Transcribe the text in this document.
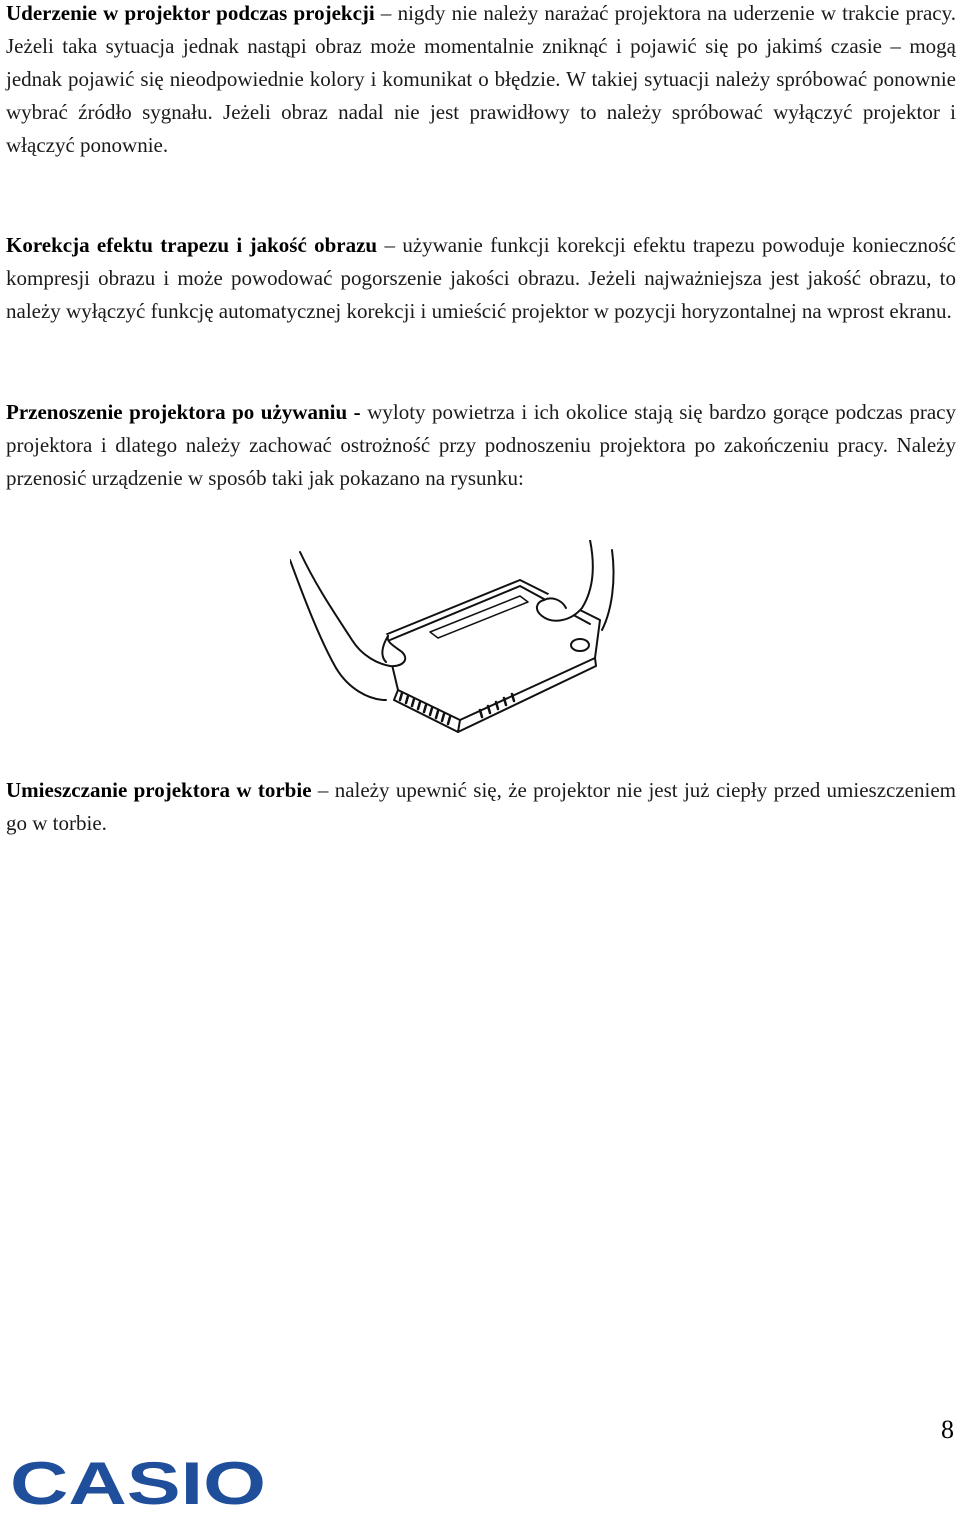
Uderzenie w projektor podczas projekcji – nigdy nie należy narażać projektora na uderzenie w trakcie pracy. Jeżeli taka sytuacja jednak nastąpi obraz może momentalnie zniknąć i pojawić się po jakimś czasie – mogą jednak pojawić się nieodpowiednie kolory i komunikat o błędzie. W takiej sytuacji należy spróbować ponownie wybrać źródło sygnału. Jeżeli obraz nadal nie jest prawidłowy to należy spróbować wyłączyć projektor i włączyć ponownie.

Korekcja efektu trapezu i jakość obrazu – używanie funkcji korekcji efektu trapezu powoduje konieczność kompresji obrazu i może powodować pogorszenie jakości obrazu. Jeżeli najważniejsza jest jakość obrazu, to należy wyłączyć funkcję automatycznej korekcji i umieścić projektor w pozycji horyzontalnej na wprost ekranu.

Przenoszenie projektora po używaniu - wyloty powietrza i ich okolice stają się bardzo gorące podczas pracy projektora i dlatego należy zachować ostrożność przy podnoszeniu projektora po zakończeniu pracy. Należy przenosić urządzenie w sposób taki jak pokazano na rysunku:

Umieszczanie projektora w torbie – należy upewnić się, że projektor nie jest już ciepły przed umieszczeniem go w torbie.

8
CASIO
